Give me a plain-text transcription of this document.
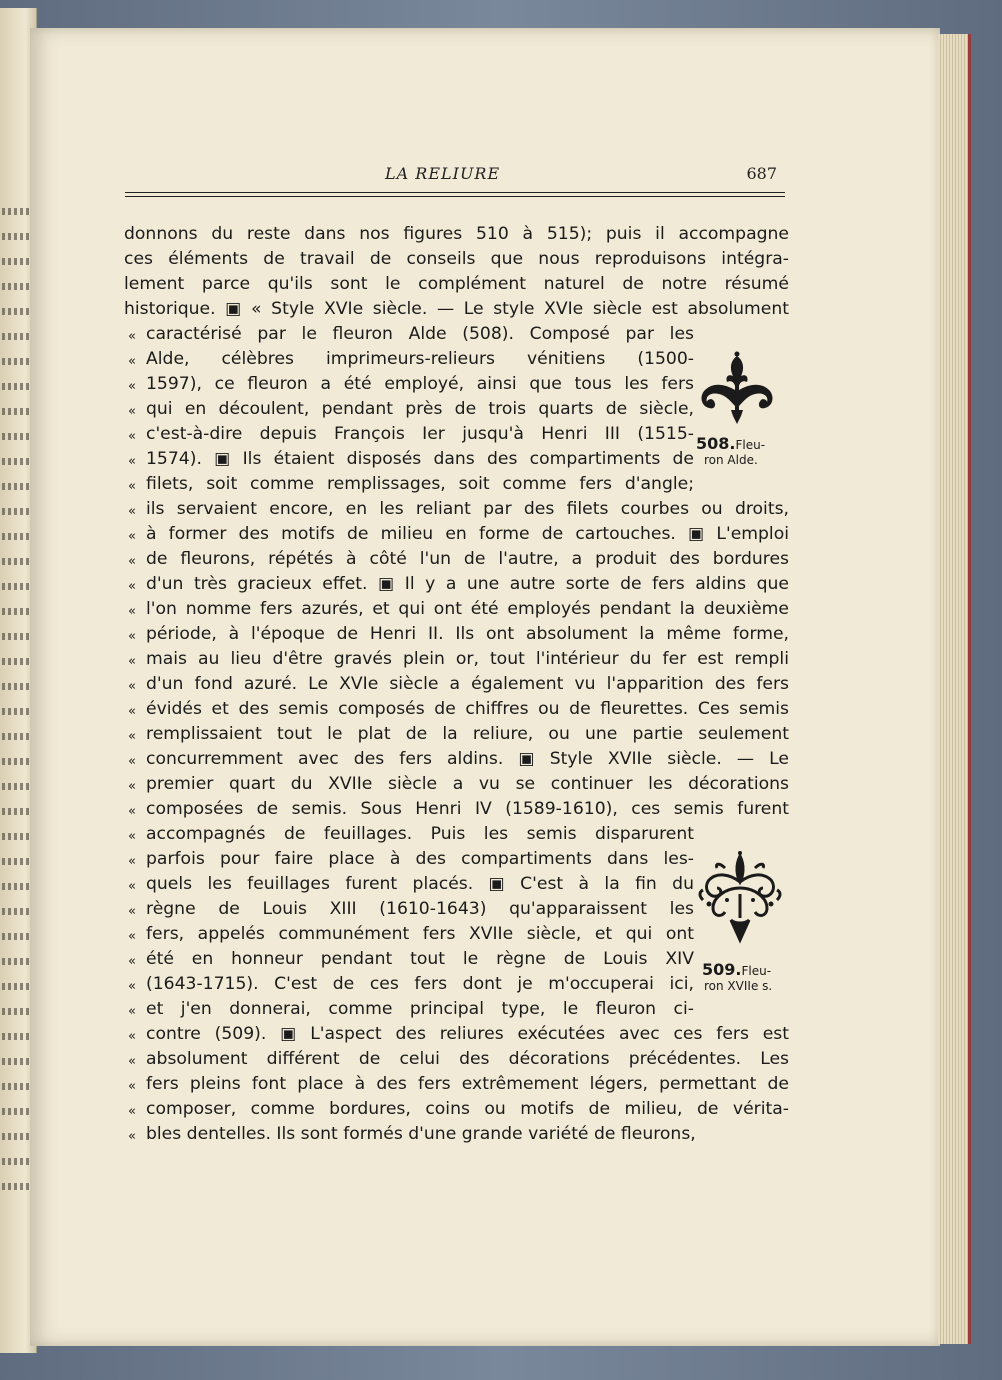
LA RELIURE	687
donnons du reste dans nos figures 510 à 515); puis il accompagne
ces éléments de travail de conseils que nous reproduisons intégra-
lement parce qu'ils sont le complément naturel de notre résumé
historique. ▣ « Style XVIe siècle. — Le style XVIe siècle est absolument
« caractérisé par le fleuron Alde (508). Composé par les
« Alde, célèbres imprimeurs-relieurs vénitiens (1500-
« 1597), ce fleuron a été employé, ainsi que tous les fers
« qui en découlent, pendant près de trois quarts de siècle,
« c'est-à-dire depuis François Ier jusqu'à Henri III (1515-
« 1574). ▣ Ils étaient disposés dans des compartiments de
« filets, soit comme remplissages, soit comme fers d'angle;
« ils servaient encore, en les reliant par des filets courbes ou droits,
« à former des motifs de milieu en forme de cartouches. ▣ L'emploi
« de fleurons, répétés à côté l'un de l'autre, a produit des bordures
« d'un très gracieux effet. ▣ Il y a une autre sorte de fers aldins que
« l'on nomme fers azurés, et qui ont été employés pendant la deuxième
« période, à l'époque de Henri II. Ils ont absolument la même forme,
« mais au lieu d'être gravés plein or, tout l'intérieur du fer est rempli
« d'un fond azuré. Le XVIe siècle a également vu l'apparition des fers
« évidés et des semis composés de chiffres ou de fleurettes. Ces semis
« remplissaient tout le plat de la reliure, ou une partie seulement
« concurremment avec des fers aldins. ▣ Style XVIIe siècle. — Le
« premier quart du XVIIe siècle a vu se continuer les décorations
« composées de semis. Sous Henri IV (1589-1610), ces semis furent
« accompagnés de feuillages. Puis les semis disparurent
« parfois pour faire place à des compartiments dans les-
« quels les feuillages furent placés. ▣ C'est à la fin du
« règne de Louis XIII (1610-1643) qu'apparaissent les
« fers, appelés communément fers XVIIe siècle, et qui ont
« été en honneur pendant tout le règne de Louis XIV
« (1643-1715). C'est de ces fers dont je m'occuperai ici,
« et j'en donnerai, comme principal type, le fleuron ci-
« contre (509). ▣ L'aspect des reliures exécutées avec ces fers est
« absolument différent de celui des décorations précédentes. Les
« fers pleins font place à des fers extrêmement légers, permettant de
« composer, comme bordures, coins ou motifs de milieu, de vérita-
« bles dentelles. Ils sont formés d'une grande variété de fleurons,
508.Fleu-
ron Alde.
509.Fleu-
ron XVIIe s.
